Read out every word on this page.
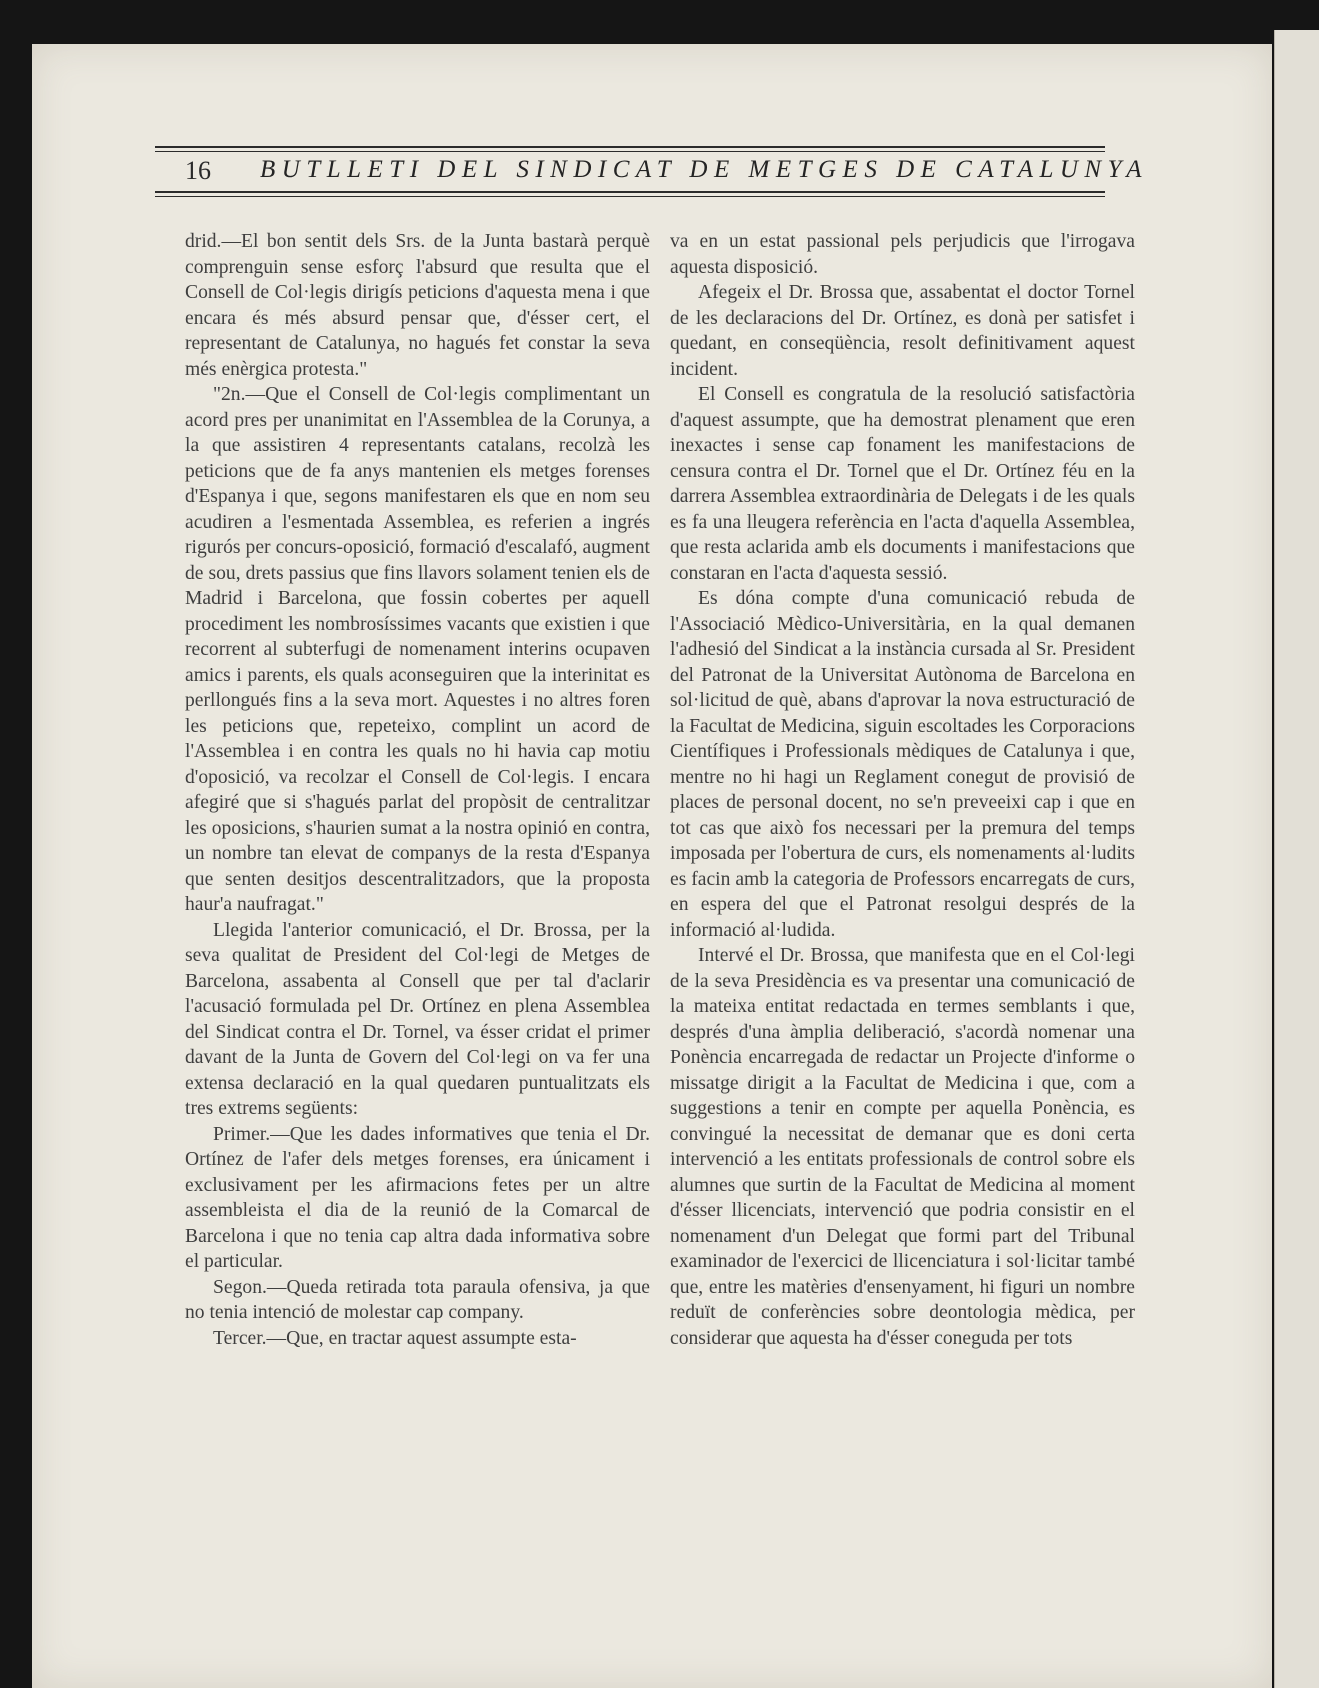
16 BUTLLETI DEL SINDICAT DE METGES DE CATALUNYA

drid.—El bon sentit dels Srs. de la Junta bastarà perquè comprenguin sense esforç l'absurd que resulta que el Consell de Col·legis dirigís peticions d'aquesta mena i que encara és més absurd pensar que, d'ésser cert, el representant de Catalunya, no hagués fet constar la seva més enèrgica protesta."

"2n.—Que el Consell de Col·legis complimentant un acord pres per unanimitat en l'Assemblea de la Corunya, a la que assistiren 4 representants catalans, recolzà les peticions que de fa anys mantenien els metges forenses d'Espanya i que, segons manifestaren els que en nom seu acudiren a l'esmentada Assemblea, es referien a ingrés rigurós per concurs-oposició, formació d'escalafó, augment de sou, drets passius que fins llavors solament tenien els de Madrid i Barcelona, que fossin cobertes per aquell procediment les nombrosíssimes vacants que existien i que recorrent al subterfugi de nomenament interins ocupaven amics i parents, els quals aconseguiren que la interinitat es perllongués fins a la seva mort. Aquestes i no altres foren les peticions que, repeteixo, complint un acord de l'Assemblea i en contra les quals no hi havia cap motiu d'oposició, va recolzar el Consell de Col·legis. I encara afegiré que si s'hagués parlat del propòsit de centralitzar les oposicions, s'haurien sumat a la nostra opinió en contra, un nombre tan elevat de companys de la resta d'Espanya que senten desitjos descentralitzadors, que la proposta haur'a naufragat."

Llegida l'anterior comunicació, el Dr. Brossa, per la seva qualitat de President del Col·legi de Metges de Barcelona, assabenta al Consell que per tal d'aclarir l'acusació formulada pel Dr. Ortínez en plena Assemblea del Sindicat contra el Dr. Tornel, va ésser cridat el primer davant de la Junta de Govern del Col·legi on va fer una extensa declaració en la qual quedaren puntualitzats els tres extrems següents:

Primer.—Que les dades informatives que tenia el Dr. Ortínez de l'afer dels metges forenses, era únicament i exclusivament per les afirmacions fetes per un altre assembleista el dia de la reunió de la Comarcal de Barcelona i que no tenia cap altra dada informativa sobre el particular.

Segon.—Queda retirada tota paraula ofensiva, ja que no tenia intenció de molestar cap company.

Tercer.—Que, en tractar aquest assumpte esta-

va en un estat passional pels perjudicis que l'irrogava aquesta disposició.

Afegeix el Dr. Brossa que, assabentat el doctor Tornel de les declaracions del Dr. Ortínez, es donà per satisfet i quedant, en conseqüència, resolt definitivament aquest incident.

El Consell es congratula de la resolució satisfactòria d'aquest assumpte, que ha demostrat plenament que eren inexactes i sense cap fonament les manifestacions de censura contra el Dr. Tornel que el Dr. Ortínez féu en la darrera Assemblea extraordinària de Delegats i de les quals es fa una lleugera referència en l'acta d'aquella Assemblea, que resta aclarida amb els documents i manifestacions que constaran en l'acta d'aquesta sessió.

Es dóna compte d'una comunicació rebuda de l'Associació Mèdico-Universitària, en la qual demanen l'adhesió del Sindicat a la instància cursada al Sr. President del Patronat de la Universitat Autònoma de Barcelona en sol·licitud de què, abans d'aprovar la nova estructuració de la Facultat de Medicina, siguin escoltades les Corporacions Científiques i Professionals mèdiques de Catalunya i que, mentre no hi hagi un Reglament conegut de provisió de places de personal docent, no se'n preveeixi cap i que en tot cas que això fos necessari per la premura del temps imposada per l'obertura de curs, els nomenaments al·ludits es facin amb la categoria de Professors encarregats de curs, en espera del que el Patronat resolgui després de la informació al·ludida.

Intervé el Dr. Brossa, que manifesta que en el Col·legi de la seva Presidència es va presentar una comunicació de la mateixa entitat redactada en termes semblants i que, després d'una àmplia deliberació, s'acordà nomenar una Ponència encarregada de redactar un Projecte d'informe o missatge dirigit a la Facultat de Medicina i que, com a suggestions a tenir en compte per aquella Ponència, es convingué la necessitat de demanar que es doni certa intervenció a les entitats professionals de control sobre els alumnes que surtin de la Facultat de Medicina al moment d'ésser llicenciats, intervenció que podria consistir en el nomenament d'un Delegat que formi part del Tribunal examinador de l'exercici de llicenciatura i sol·licitar també que, entre les matèries d'ensenyament, hi figuri un nombre reduït de conferències sobre deontologia mèdica, per considerar que aquesta ha d'ésser coneguda per tots
